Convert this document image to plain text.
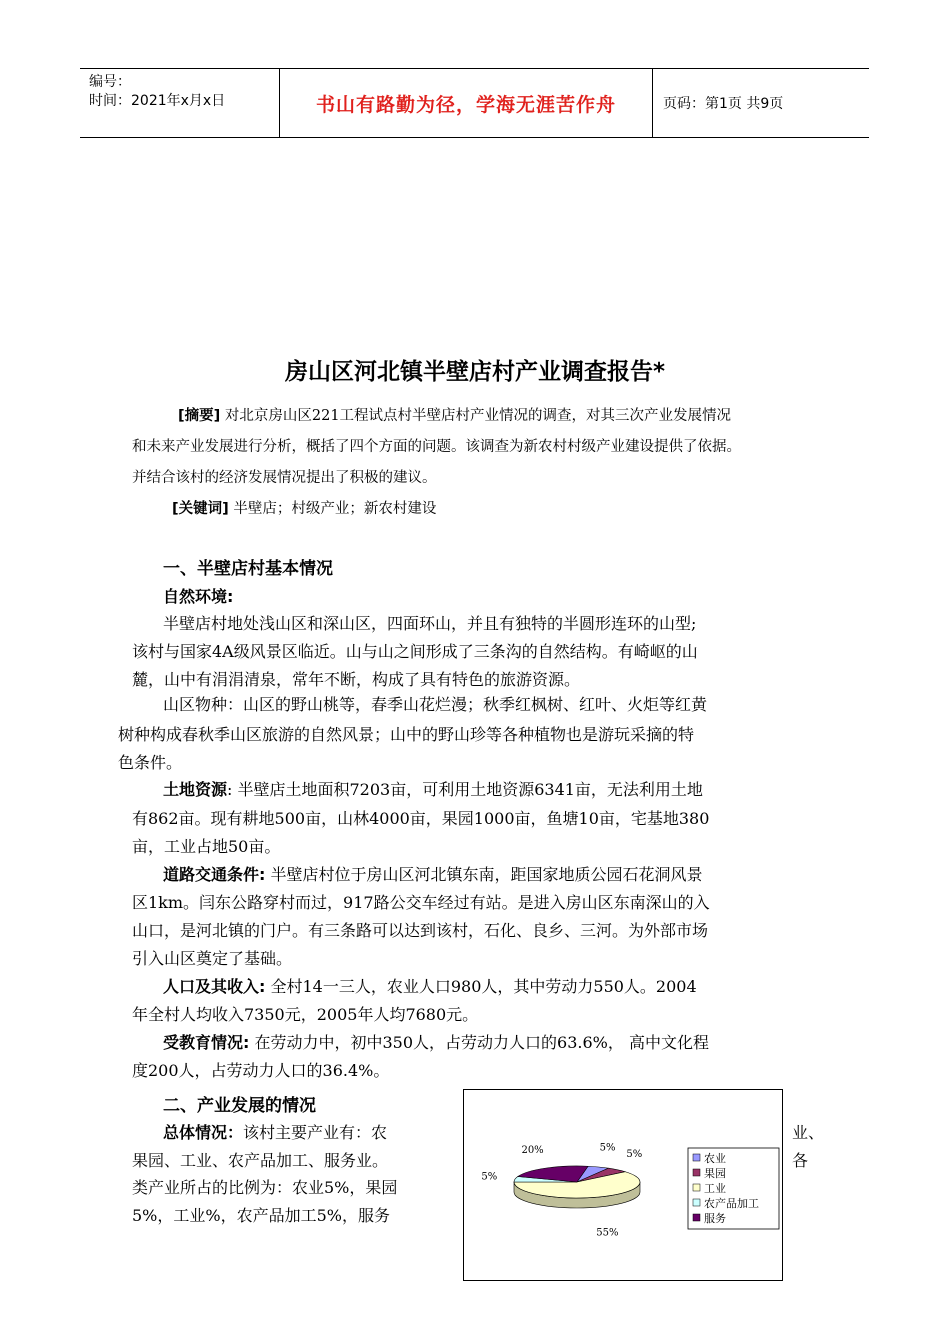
编号：
时间：2021年x月x日	书山有路勤为径，学海无涯苦作舟	页码：第1页 共9页
房山区河北镇半壁店村产业调查报告*
[摘要] 对北京房山区221工程试点村半壁店村产业情况的调查，对其三次产业发展情况
和未来产业发展进行分析，概括了四个方面的问题。该调查为新农村村级产业建设提供了依据。
并结合该村的经济发展情况提出了积极的建议。
[关键词] 半壁店；村级产业；新农村建设
一、半壁店村基本情况
自然环境:
半壁店村地处浅山区和深山区，四面环山，并且有独特的半圆形连环的山型;
该村与国家4A级风景区临近。山与山之间形成了三条沟的自然结构。有崎岖的山
麓，山中有涓涓清泉，常年不断，构成了具有特色的旅游资源。
山区物种：山区的野山桃等，春季山花烂漫；秋季红枫树、红叶、火炬等红黄
树种构成春秋季山区旅游的自然风景；山中的野山珍等各种植物也是游玩采摘的特
色条件。
土地资源: 半壁店土地面积7203亩，可利用土地资源6341亩，无法利用土地
有862亩。现有耕地500亩，山林4000亩，果园1000亩，鱼塘10亩，宅基地380
亩，工业占地50亩。
道路交通条件: 半壁店村位于房山区河北镇东南，距国家地质公园石花洞风景
区1km。闫东公路穿村而过，917路公交车经过有站。是进入房山区东南深山的入
山口，是河北镇的门户。有三条路可以达到该村，石化、良乡、三河。为外部市场
引入山区奠定了基础。
人口及其收入: 全村14一三人，农业人口980人，其中劳动力550人。2004
年全村人均收入7350元，2005年人均7680元。
受教育情况: 在劳动力中，初中350人，占劳动力人口的63.6%， 高中文化程
度200人，占劳动力人口的36.4%。
二、产业发展的情况
总体情况：该村主要产业有：农	业、
果园、工业、农产品加工、服务业。	各
类产业所占的比例为：农业5%，果园
5%，工业%，农产品加工5%，服务
5%
5%
55%
5%
20%
农业
果园
工业
农产品加工
服务
